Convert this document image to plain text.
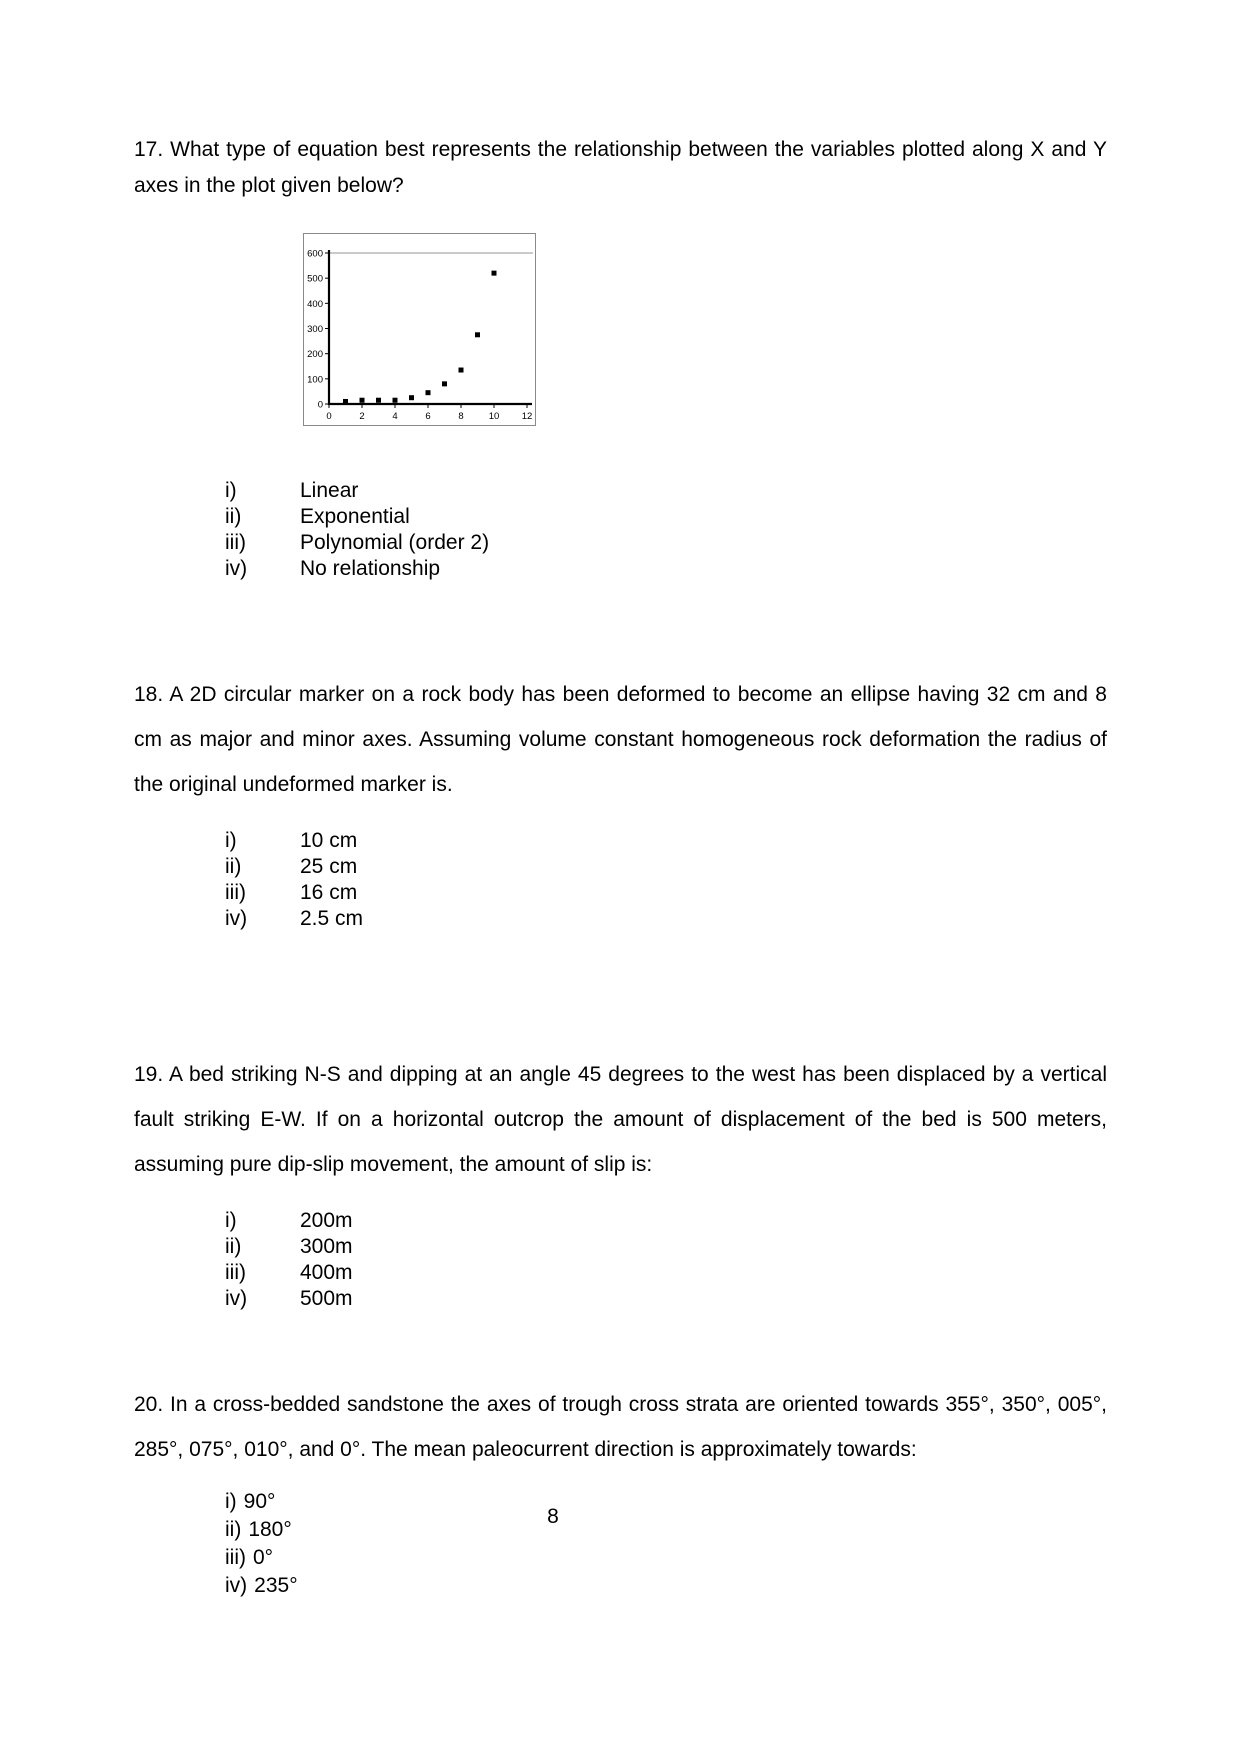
17. What type of equation best represents the relationship between the variables plotted along X and Y axes in the plot given below?

0
100
200
300
400
500
600
0	2	4	6	8	10 12
i)	Linear
ii)	Exponential
iii)	Polynomial (order 2)
iv)	No relationship

18. A 2D circular marker on a rock body has been deformed to become an ellipse having 32 cm and 8 cm as major and minor axes. Assuming volume constant homogeneous rock deformation the radius of the original undeformed marker is.

i)	10 cm
ii)	25 cm
iii)	16 cm
iv)	2.5 cm

19. A bed striking N-S and dipping at an angle 45 degrees to the west has been displaced by a vertical fault striking E-W. If on a horizontal outcrop the amount of displacement of the bed is 500 meters, assuming pure dip-slip movement, the amount of slip is:

i)	200m
ii)	300m
iii)	400m
iv)	500m

20. In a cross-bedded sandstone the axes of trough cross strata are oriented towards 355°, 350°, 005°, 285°, 075°, 010°, and 0°. The mean paleocurrent direction is approximately towards:

i) 90°
ii) 180°
iii) 0°
iv) 235°
8
